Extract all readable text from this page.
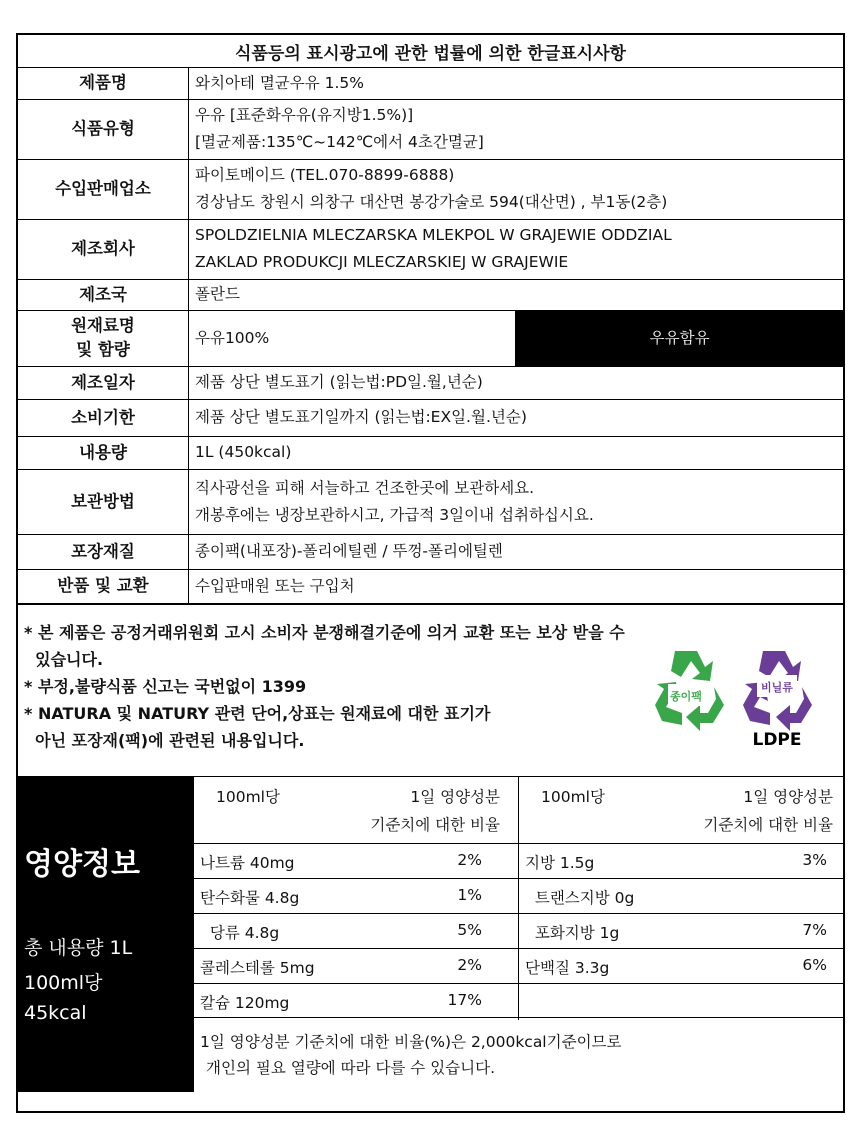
식품등의 표시광고에 관한 법률에 의한 한글표시사항
제품명	와치아테 멸균우유 1.5%	

식품유형	우유 [표준화우유(유지방1.5%)]
[멸균제품:135℃~142℃에서 4초간멸균]	

수입판매업소	파이토메이드 (TEL.070-8899-6888)
경상남도 창원시 의창구 대산면 봉강가술로 594(대산면) , 부1동(2층)	

제조회사	SPOLDZIELNIA MLECZARSKA MLEKPOL W GRAJEWIE ODDZIAL
ZAKLAD PRODUKCJI MLECZARSKIEJ W GRAJEWIE	

제조국	폴란드	

원재료명
및 함량	우유100%	우유함유
제조일자	제품 상단 별도표기 (읽는법:PD일.월,년순)	

소비기한	제품 상단 별도표기일까지 (읽는법:EX일.월.년순)	

내용량	1L (450kcal)	

보관방법	직사광선을 피해 서늘하고 건조한곳에 보관하세요.
개봉후에는 냉장보관하시고, 가급적 3일이내 섭취하십시요.	

포장재질	종이팩(내포장)-폴리에틸렌 / 뚜껑-폴리에틸렌	

반품 및 교환	수입판매원 또는 구입처	

* 본 제품은 공정거래위원회 고시 소비자 분쟁해결기준에 의거 교환 또는 보상 받을 수

있습니다.

* 부정,불량식품 신고는 국번없이 1399

* NATURA 및 NATURY 관련 단어,상표는 원재료에 대한 표기가

아닌 포장재(팩)에 관련된 내용입니다.

종이팩
비닐류
LDPE
영양정보
총 내용량 1L
100ml당
45kcal
100ml당	1일 영양성분
기준치에 대한 비율
나트륨 40mg	2%
탄수화물 4.8g	1%
당류 4.8g	5%
콜레스테롤 5mg	2%
칼슘 120mg	17%
100ml당	1일 영양성분
기준치에 대한 비율
지방 1.5g	3%
트랜스지방 0g
포화지방 1g	7%
단백질 3.3g	6%
1일 영양성분 기준치에 대한 비율(%)은 2,000kcal기준이므로
개인의 필요 열량에 따라 다를 수 있습니다.
